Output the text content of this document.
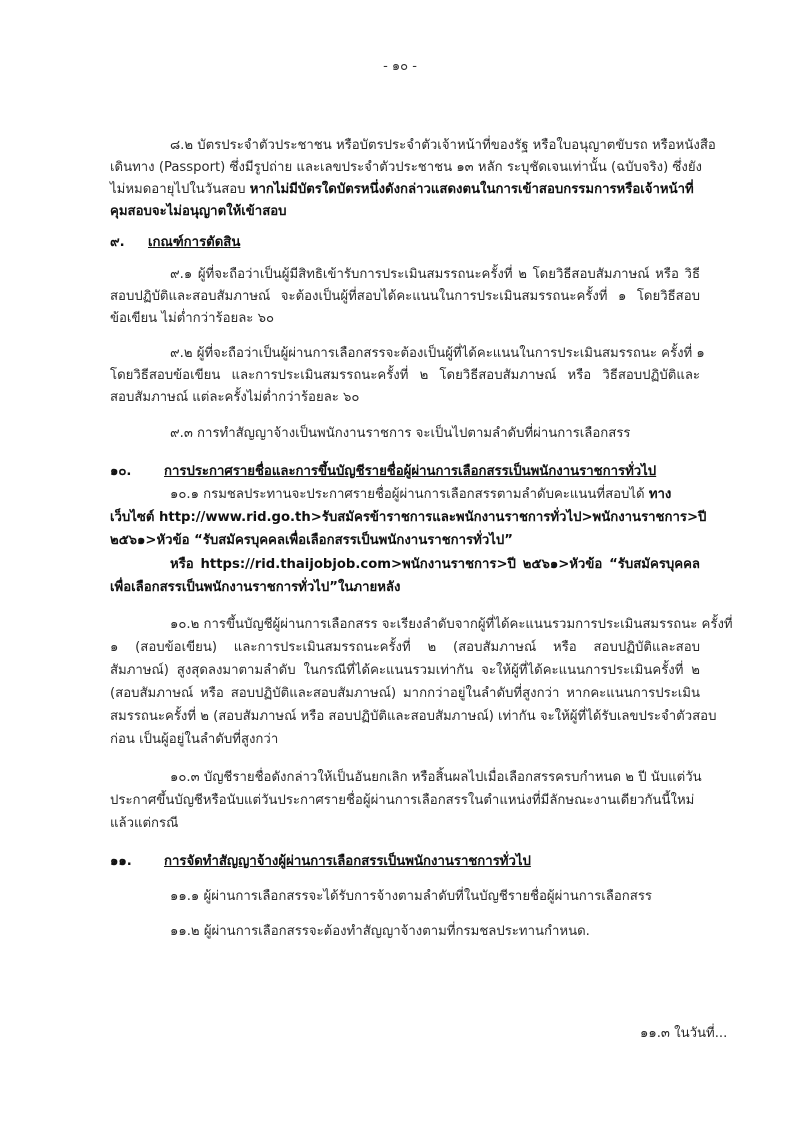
- ๑๐ -
๘.๒ บัตรประจำตัวประชาชน หรือบัตรประจำตัวเจ้าหน้าที่ของรัฐ หรือใบอนุญาตขับรถ หรือหนังสือ
เดินทาง (Passport) ซึ่งมีรูปถ่าย และเลขประจำตัวประชาชน ๑๓ หลัก ระบุชัดเจนเท่านั้น (ฉบับจริง) ซึ่งยัง
ไม่หมดอายุไปในวันสอบ หากไม่มีบัตรใดบัตรหนึ่งดังกล่าวแสดงตนในการเข้าสอบกรรมการหรือเจ้าหน้าที่
คุมสอบจะไม่อนุญาตให้เข้าสอบ
๙. เกณฑ์การตัดสิน
๙.๑ ผู้ที่จะถือว่าเป็นผู้มีสิทธิเข้ารับการประเมินสมรรถนะครั้งที่ ๒ โดยวิธีสอบสัมภาษณ์ หรือ วิธี
สอบปฏิบัติและสอบสัมภาษณ์ จะต้องเป็นผู้ที่สอบได้คะแนนในการประเมินสมรรถนะครั้งที่ ๑ โดยวิธีสอบ
ข้อเขียน ไม่ต่ำกว่าร้อยละ ๖๐
๙.๒ ผู้ที่จะถือว่าเป็นผู้ผ่านการเลือกสรรจะต้องเป็นผู้ที่ได้คะแนนในการประเมินสมรรถนะ ครั้งที่ ๑
โดยวิธีสอบข้อเขียน และการประเมินสมรรถนะครั้งที่ ๒ โดยวิธีสอบสัมภาษณ์ หรือ วิธีสอบปฏิบัติและ
สอบสัมภาษณ์ แต่ละครั้งไม่ต่ำกว่าร้อยละ ๖๐
๙.๓ การทำสัญญาจ้างเป็นพนักงานราชการ จะเป็นไปตามลำดับที่ผ่านการเลือกสรร
๑๐. การประกาศรายชื่อและการขึ้นบัญชีรายชื่อผู้ผ่านการเลือกสรรเป็นพนักงานราชการทั่วไป
๑๐.๑ กรมชลประทานจะประกาศรายชื่อผู้ผ่านการเลือกสรรตามลำดับคะแนนที่สอบได้ ทาง
เว็บไซต์ http://www.rid.go.th>รับสมัครข้าราชการและพนักงานราชการทั่วไป>พนักงานราชการ>ปี
๒๕๖๑>หัวข้อ “รับสมัครบุคคลเพื่อเลือกสรรเป็นพนักงานราชการทั่วไป”
หรือ https://rid.thaijobjob.com>พนักงานราชการ>ปี ๒๕๖๑>หัวข้อ “รับสมัครบุคคล
เพื่อเลือกสรรเป็นพนักงานราชการทั่วไป”ในภายหลัง
๑๐.๒ การขึ้นบัญชีผู้ผ่านการเลือกสรร จะเรียงลำดับจากผู้ที่ได้คะแนนรวมการประเมินสมรรถนะ ครั้งที่
๑ (สอบข้อเขียน) และการประเมินสมรรถนะครั้งที่ ๒ (สอบสัมภาษณ์ หรือ สอบปฏิบัติและสอบ
สัมภาษณ์) สูงสุดลงมาตามลำดับ ในกรณีที่ได้คะแนนรวมเท่ากัน จะให้ผู้ที่ได้คะแนนการประเมินครั้งที่ ๒
(สอบสัมภาษณ์ หรือ สอบปฏิบัติและสอบสัมภาษณ์) มากกว่าอยู่ในลำดับที่สูงกว่า หากคะแนนการประเมิน
สมรรถนะครั้งที่ ๒ (สอบสัมภาษณ์ หรือ สอบปฏิบัติและสอบสัมภาษณ์) เท่ากัน จะให้ผู้ที่ได้รับเลขประจำตัวสอบ
ก่อน เป็นผู้อยู่ในลำดับที่สูงกว่า
๑๐.๓ บัญชีรายชื่อดังกล่าวให้เป็นอันยกเลิก หรือสิ้นผลไปเมื่อเลือกสรรครบกำหนด ๒ ปี นับแต่วัน
ประกาศขึ้นบัญชีหรือนับแต่วันประกาศรายชื่อผู้ผ่านการเลือกสรรในตำแหน่งที่มีลักษณะงานเดียวกันนี้ใหม่
แล้วแต่กรณี
๑๑. การจัดทำสัญญาจ้างผู้ผ่านการเลือกสรรเป็นพนักงานราชการทั่วไป
๑๑.๑ ผู้ผ่านการเลือกสรรจะได้รับการจ้างตามลำดับที่ในบัญชีรายชื่อผู้ผ่านการเลือกสรร
๑๑.๒ ผู้ผ่านการเลือกสรรจะต้องทำสัญญาจ้างตามที่กรมชลประทานกำหนด.
๑๑.๓ ในวันที่...
